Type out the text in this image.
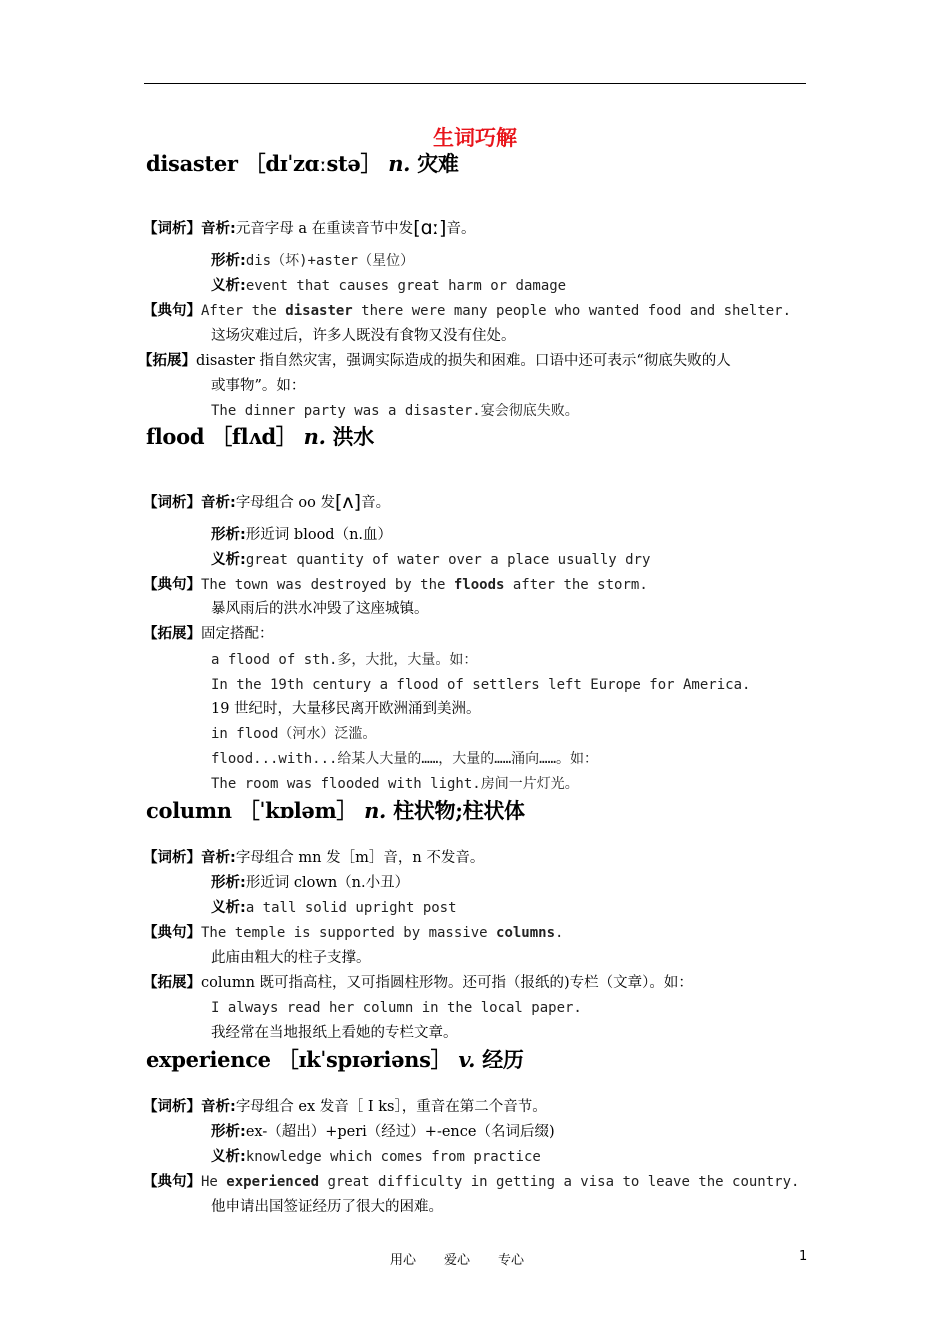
生词巧解
disaster ［dɪˈzɑːstə］ n. 灾难
【词析】音析:元音字母 a 在重读音节中发[ɑː]音。
形析:dis（坏)+aster（星位）
义析:event that causes great harm or damage
【典句】After the disaster there were many people who wanted food and shelter.
这场灾难过后，许多人既没有食物又没有住处。
【拓展】disaster 指自然灾害，强调实际造成的损失和困难。口语中还可表示“彻底失败的人
或事物”。如：
The dinner party was a disaster.宴会彻底失败。
flood ［flʌd］ n. 洪水
【词析】音析:字母组合 oo 发[ʌ]音。
形析:形近词 blood（n.血）
义析:great quantity of water over a place usually dry
【典句】The town was destroyed by the floods after the storm.
暴风雨后的洪水冲毁了这座城镇。
【拓展】固定搭配：
a flood of sth.多，大批，大量。如：
In the 19th century a flood of settlers left Europe for America.
19 世纪时，大量移民离开欧洲涌到美洲。
in flood（河水）泛滥。
flood...with...给某人大量的……，大量的……涌向……。如：
The room was flooded with light.房间一片灯光。
column ［ˈkɒləm］ n. 柱状物;柱状体
【词析】音析:字母组合 mn 发［m］音，n 不发音。
形析:形近词 clown（n.小丑）
义析:a tall solid upright post
【典句】The temple is supported by massive columns.
此庙由粗大的柱子支撑。
【拓展】column 既可指高柱，又可指圆柱形物。还可指（报纸的)专栏（文章）。如：
I always read her column in the local paper.
我经常在当地报纸上看她的专栏文章。
experience ［ɪkˈspɪəriəns］ v. 经历
【词析】音析:字母组合 ex 发音［ I ks］，重音在第二个音节。
形析:ex-（超出）+peri（经过）+-ence（名词后缀)
义析:knowledge which comes from practice
【典句】He experienced great difficulty in getting a visa to leave the country.
他申请出国签证经历了很大的困难。
用心 爱心 专心	1
